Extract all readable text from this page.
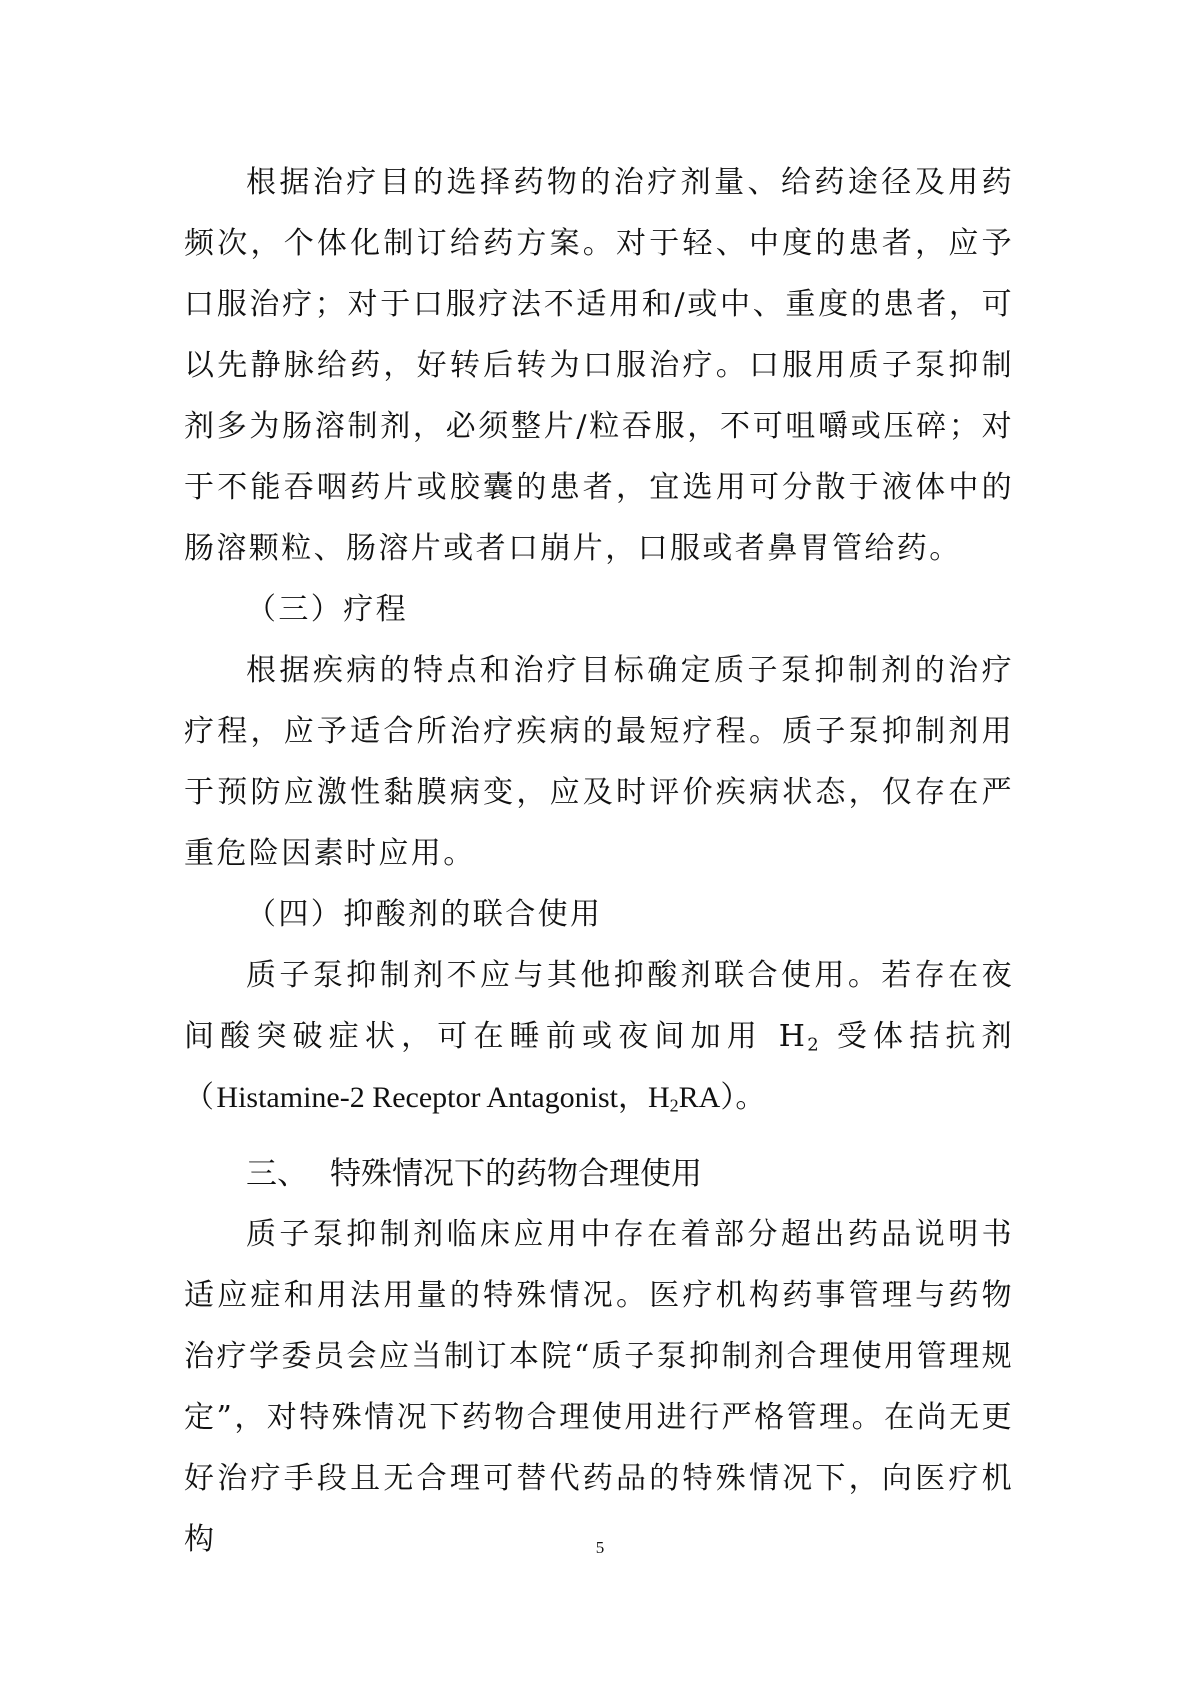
根据治疗目的选择药物的治疗剂量、给药途径及用药频次，个体化制订给药方案。对于轻、中度的患者，应予口服治疗；对于口服疗法不适用和/或中、重度的患者，可以先静脉给药，好转后转为口服治疗。口服用质子泵抑制剂多为肠溶制剂，必须整片/粒吞服，不可咀嚼或压碎；对于不能吞咽药片或胶囊的患者，宜选用可分散于液体中的肠溶颗粒、肠溶片或者口崩片，口服或者鼻胃管给药。

（三）疗程

根据疾病的特点和治疗目标确定质子泵抑制剂的治疗疗程，应予适合所治疗疾病的最短疗程。质子泵抑制剂用于预防应激性黏膜病变，应及时评价疾病状态，仅存在严重危险因素时应用。

（四）抑酸剂的联合使用

质子泵抑制剂不应与其他抑酸剂联合使用。若存在夜间酸突破症状，可在睡前或夜间加用 $H_2$ 受体拮抗剂（Histamine-2 Receptor Antagonist，$H_2RA$）。

三、 特殊情况下的药物合理使用

质子泵抑制剂临床应用中存在着部分超出药品说明书适应症和用法用量的特殊情况。医疗机构药事管理与药物治疗学委员会应当制订本院“质子泵抑制剂合理使用管理规定”，对特殊情况下药物合理使用进行严格管理。在尚无更好治疗手段且无合理可替代药品的特殊情况下，向医疗机构	5
